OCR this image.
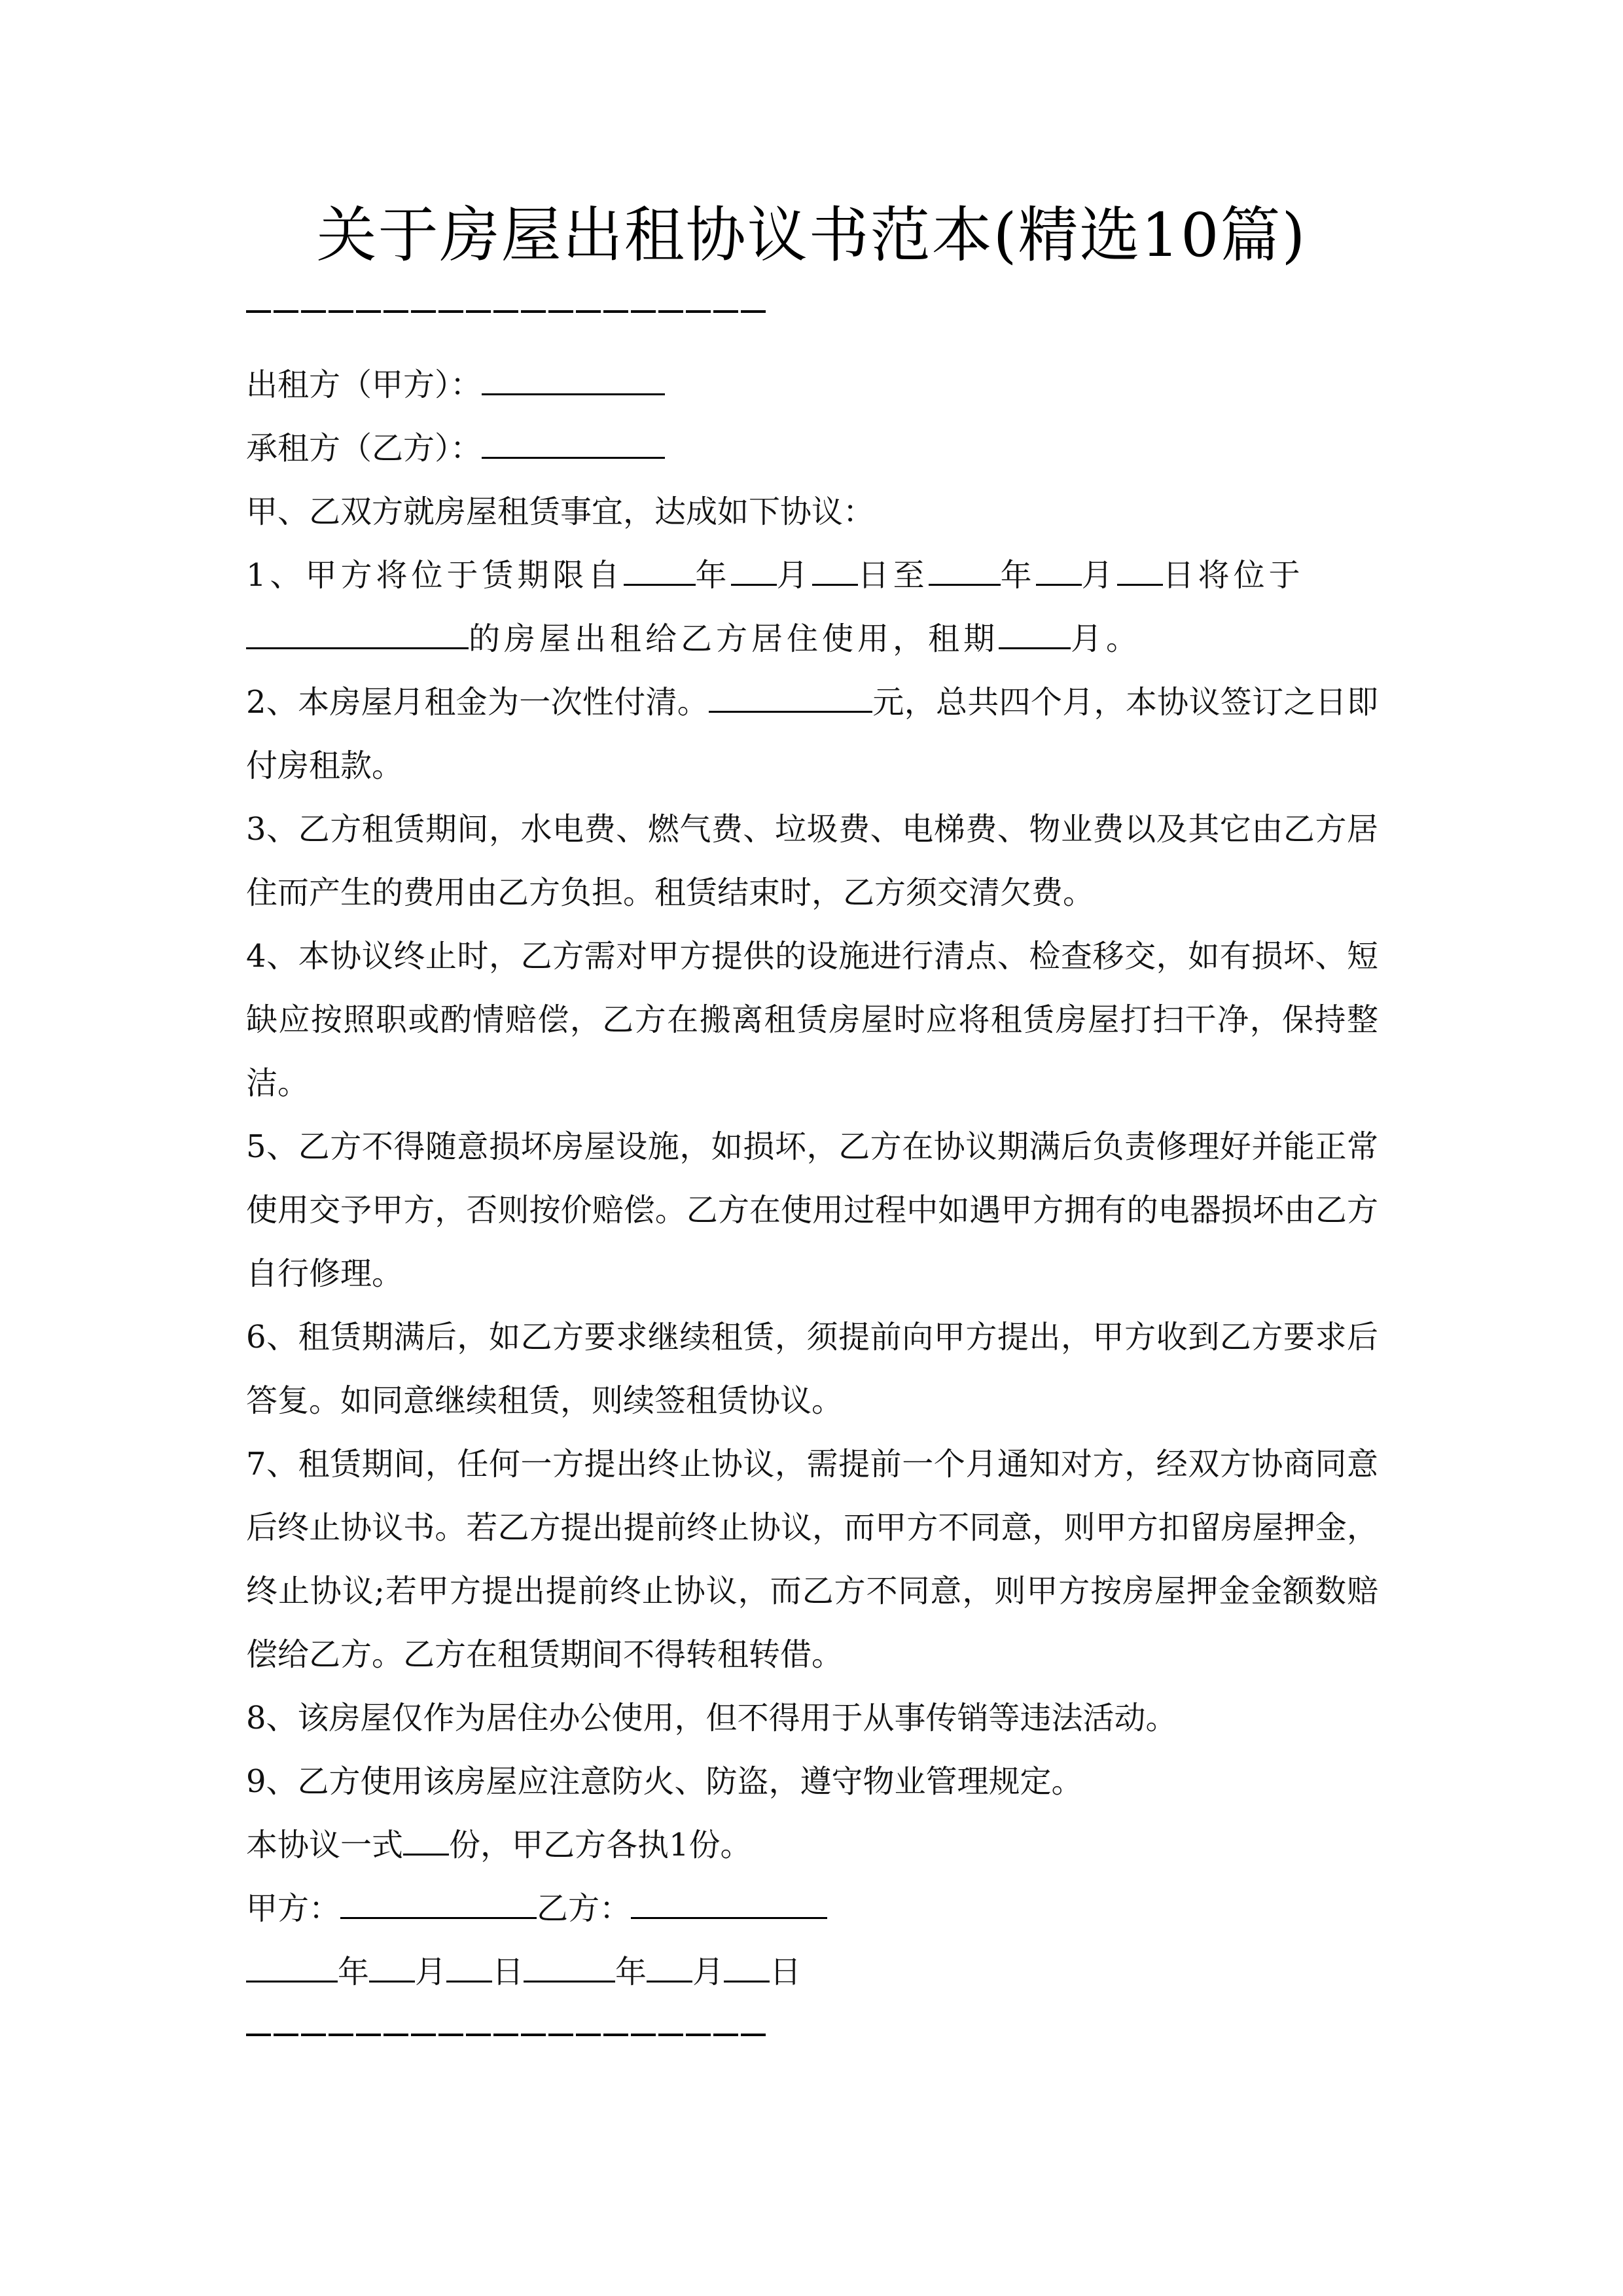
关于房屋出租协议书范本(精选10篇)

出租方（甲方）：

承租方（乙方）：

甲、乙双方就房屋租赁事宜，达成如下协议：

1、甲方将位于赁期限自 年 月 日至 年 月 日将位于
的房屋出租给乙方居住使用，租期 月。

2、本房屋月租金为一次性付清。	元，总共四个月，本协议签订之日即付房租款。

3、乙方租赁期间，水电费、燃气费、垃圾费、电梯费、物业费以及其它由乙方居住而产生的费用由乙方负担。租赁结束时，乙方须交清欠费。

4、本协议终止时，乙方需对甲方提供的设施进行清点、检查移交，如有损坏、短缺应按照职或酌情赔偿，乙方在搬离租赁房屋时应将租赁房屋打扫干净，保持整洁。

5、乙方不得随意损坏房屋设施，如损坏，乙方在协议期满后负责修理好并能正常使用交予甲方，否则按价赔偿。乙方在使用过程中如遇甲方拥有的电器损坏由乙方自行修理。

6、租赁期满后，如乙方要求继续租赁，须提前向甲方提出，甲方收到乙方要求后答复。如同意继续租赁，则续签租赁协议。

7、租赁期间，任何一方提出终止协议，需提前一个月通知对方，经双方协商同意后终止协议书。若乙方提出提前终止协议，而甲方不同意，则甲方扣留房屋押金，终止协议;若甲方提出提前终止协议，而乙方不同意，则甲方按房屋押金金额数赔偿给乙方。乙方在租赁期间不得转租转借。

8、该房屋仅作为居住办公使用，但不得用于从事传销等违法活动。

9、乙方使用该房屋应注意防火、防盗，遵守物业管理规定。

本协议一式 份，甲乙方各执1份。

甲方：	乙方：

年 月 日	年 月 日
